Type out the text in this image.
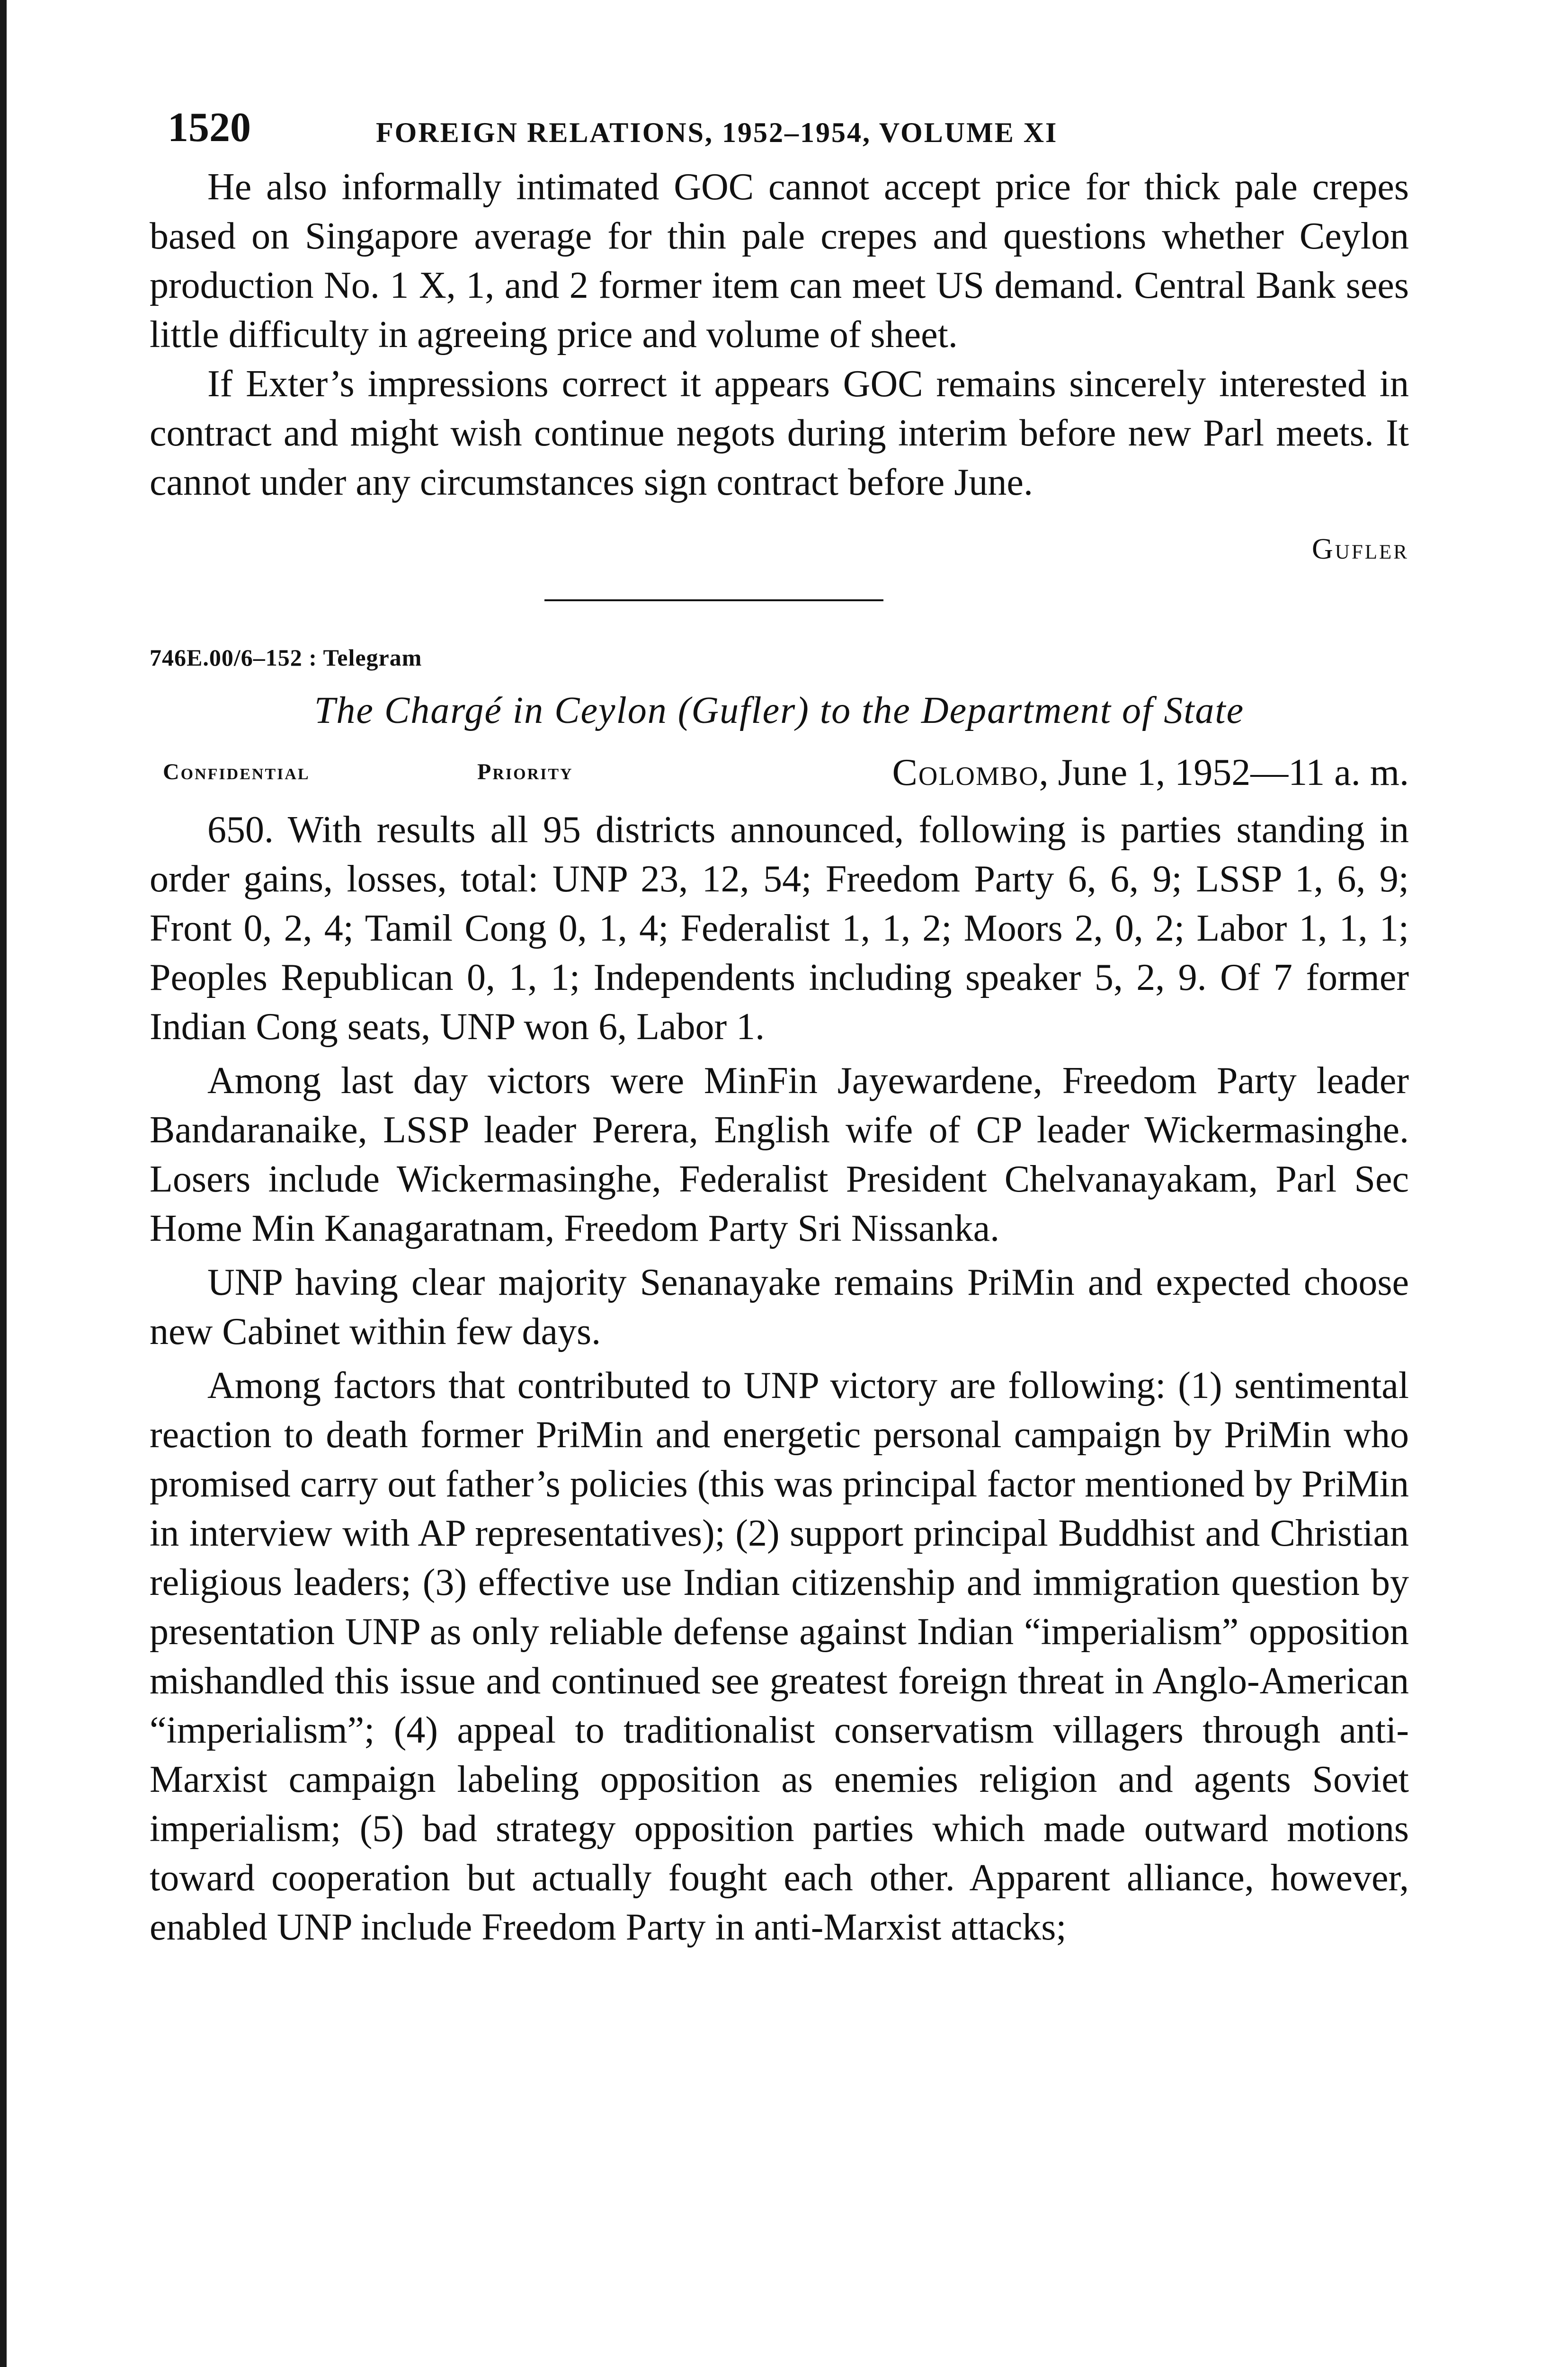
1520	FOREIGN RELATIONS, 1952–1954, VOLUME XI

He also informally intimated GOC cannot accept price for thick pale crepes based on Singapore average for thin pale crepes and questions whether Ceylon production No. 1 X, 1, and 2 former item can meet US demand. Central Bank sees little difficulty in agreeing price and volume of sheet.

If Exter’s impressions correct it appears GOC remains sincerely interested in contract and might wish continue negots during interim before new Parl meets. It cannot under any circumstances sign contract before June.

Gufler
746E.00/6–152 : Telegram
The Chargé in Ceylon (Gufler) to the Department of State
Confidential	Priority	Colombo, June 1, 1952—11 a. m.

650. With results all 95 districts announced, following is parties standing in order gains, losses, total: UNP 23, 12, 54; Freedom Party 6, 6, 9; LSSP 1, 6, 9; Front 0, 2, 4; Tamil Cong 0, 1, 4; Federalist 1, 1, 2; Moors 2, 0, 2; Labor 1, 1, 1; Peoples Republican 0, 1, 1; Independents including speaker 5, 2, 9. Of 7 former Indian Cong seats, UNP won 6, Labor 1.

Among last day victors were MinFin Jayewardene, Freedom Party leader Bandaranaike, LSSP leader Perera, English wife of CP leader Wickermasinghe. Losers include Wickermasinghe, Federalist President Chelvanayakam, Parl Sec Home Min Kanagaratnam, Freedom Party Sri Nissanka.

UNP having clear majority Senanayake remains PriMin and expected choose new Cabinet within few days.

Among factors that contributed to UNP victory are following: (1) sentimental reaction to death former PriMin and energetic personal campaign by PriMin who promised carry out father’s policies (this was principal factor mentioned by PriMin in interview with AP representatives); (2) support principal Buddhist and Christian religious leaders; (3) effective use Indian citizenship and immigration question by presentation UNP as only reliable defense against Indian “imperialism” opposition mishandled this issue and continued see greatest foreign threat in Anglo-American “imperialism”; (4) appeal to traditionalist conservatism villagers through anti-Marxist campaign labeling opposition as enemies religion and agents Soviet imperialism; (5) bad strategy opposition parties which made outward motions toward cooperation but actually fought each other. Apparent alliance, however, enabled UNP include Freedom Party in anti-Marxist attacks;
